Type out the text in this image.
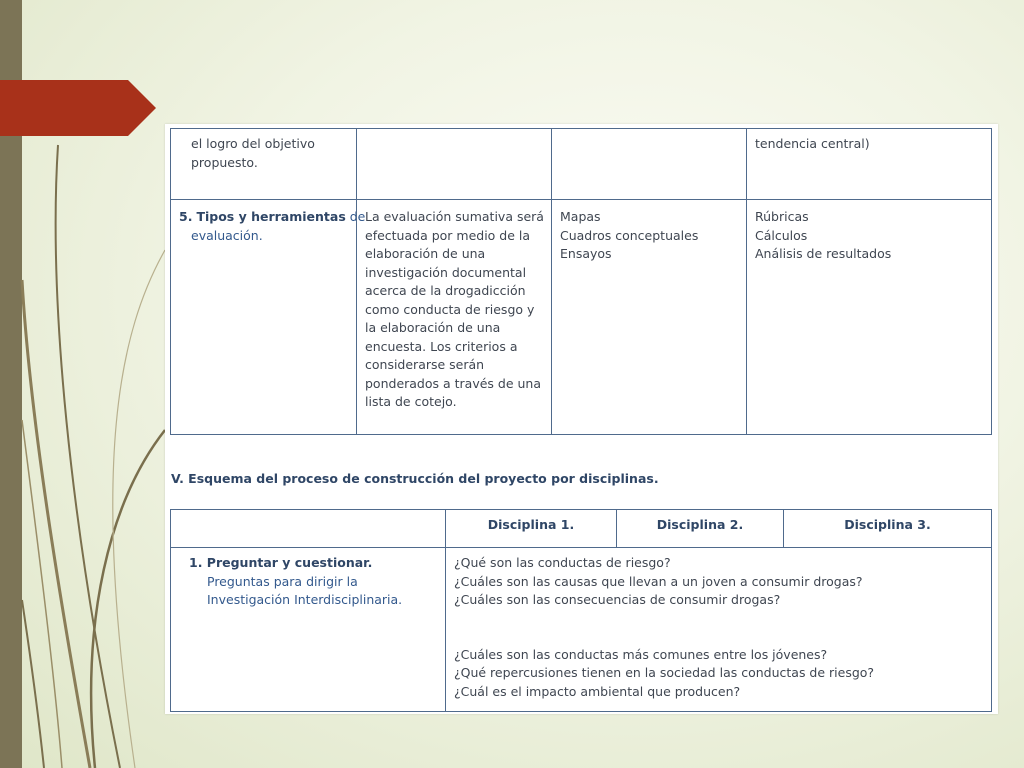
el logro del objetivo
propuesto.
tendencia central)
5. Tipos y herramientas de
evaluación.
La evaluación sumativa será
efectuada por medio de la
elaboración de una
investigación documental
acerca de la drogadicción
como conducta de riesgo y
la elaboración de una
encuesta. Los criterios a
considerarse serán
ponderados a través de una
lista de cotejo.
Mapas
Cuadros conceptuales
Ensayos
Rúbricas
Cálculos
Análisis de resultados
V. Esquema del proceso de construcción del proyecto por disciplinas.
Disciplina 1.	Disciplina 2.	Disciplina 3.
1. Preguntar y cuestionar.
Preguntas para dirigir la
Investigación Interdisciplinaria.
¿Qué son las conductas de riesgo?
¿Cuáles son las causas que llevan a un joven a consumir drogas?
¿Cuáles son las consecuencias de consumir drogas?
¿Cuáles son las conductas más comunes entre los jóvenes?
¿Qué repercusiones tienen en la sociedad las conductas de riesgo?
¿Cuál es el impacto ambiental que producen?
